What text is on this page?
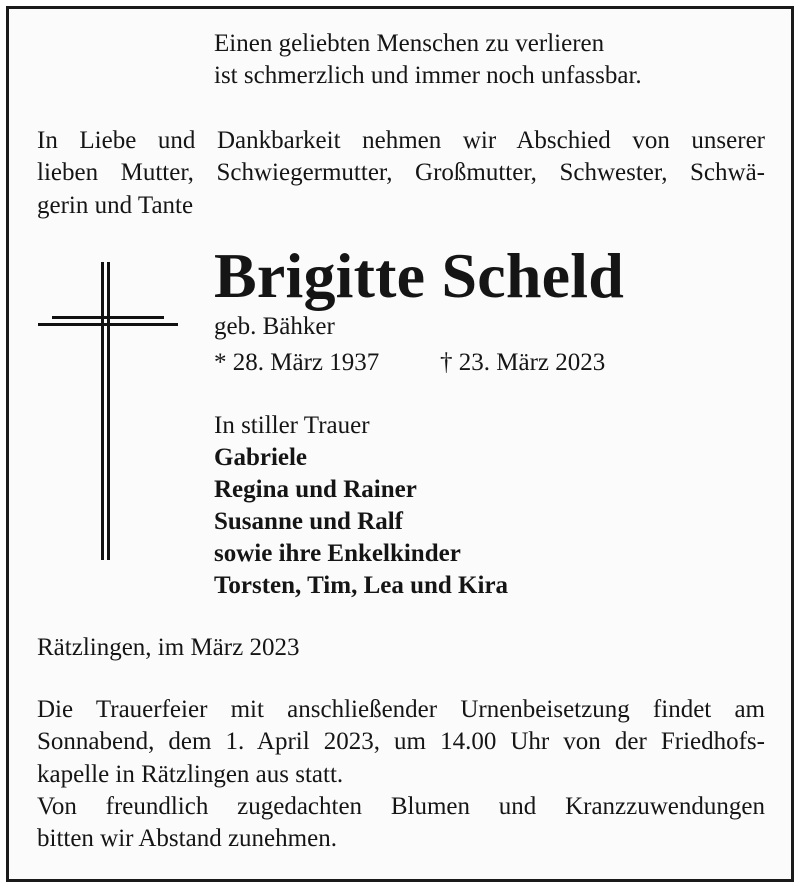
Einen geliebten Menschen zu verlieren
ist schmerzlich und immer noch unfassbar.
In Liebe und Dankbarkeit nehmen wir Abschied von unserer
lieben Mutter, Schwiegermutter, Großmutter, Schwester, Schwä-
gerin und Tante
Brigitte Scheld
geb. Bähker
* 28. März 1937 † 23. März 2023
In stiller Trauer
Gabriele
Regina und Rainer
Susanne und Ralf
sowie ihre Enkelkinder
Torsten, Tim, Lea und Kira
Rätzlingen, im März 2023
Die Trauerfeier mit anschließender Urnenbeisetzung findet am
Sonnabend, dem 1. April 2023, um 14.00 Uhr von der Friedhofs-
kapelle in Rätzlingen aus statt.
Von freundlich zugedachten Blumen und Kranzzuwendungen
bitten wir Abstand zunehmen.
